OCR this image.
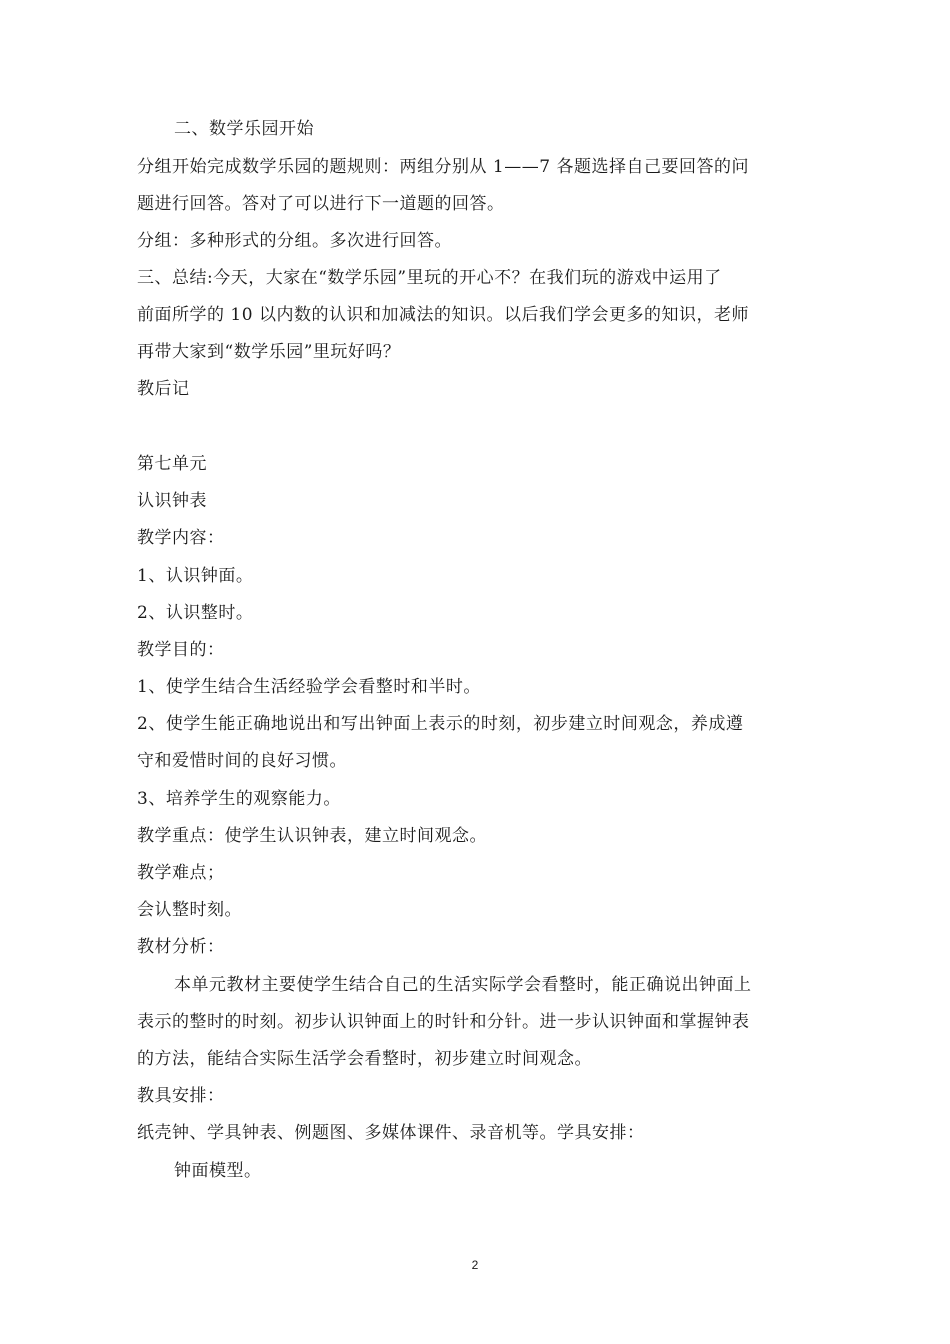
二、数学乐园开始
分组开始完成数学乐园的题规则：两组分别从 1——7 各题选择自己要回答的问
题进行回答。答对了可以进行下一道题的回答。
分组：多种形式的分组。多次进行回答。
三、总结:今天，大家在“数学乐园”里玩的开心不？在我们玩的游戏中运用了
前面所学的 10 以内数的认识和加减法的知识。以后我们学会更多的知识，老师
再带大家到“数学乐园”里玩好吗？
教后记
第七单元
认识钟表
教学内容：
1、认识钟面。
2、认识整时。
教学目的：
1、使学生结合生活经验学会看整时和半时。
2、使学生能正确地说出和写出钟面上表示的时刻，初步建立时间观念，养成遵
守和爱惜时间的良好习惯。
3、培养学生的观察能力。
教学重点：使学生认识钟表，建立时间观念。
教学难点；
会认整时刻。
教材分析：
本单元教材主要使学生结合自己的生活实际学会看整时，能正确说出钟面上
表示的整时的时刻。初步认识钟面上的时针和分针。进一步认识钟面和掌握钟表
的方法，能结合实际生活学会看整时，初步建立时间观念。
教具安排：
纸壳钟、学具钟表、例题图、多媒体课件、录音机等。学具安排：
钟面模型。
2
